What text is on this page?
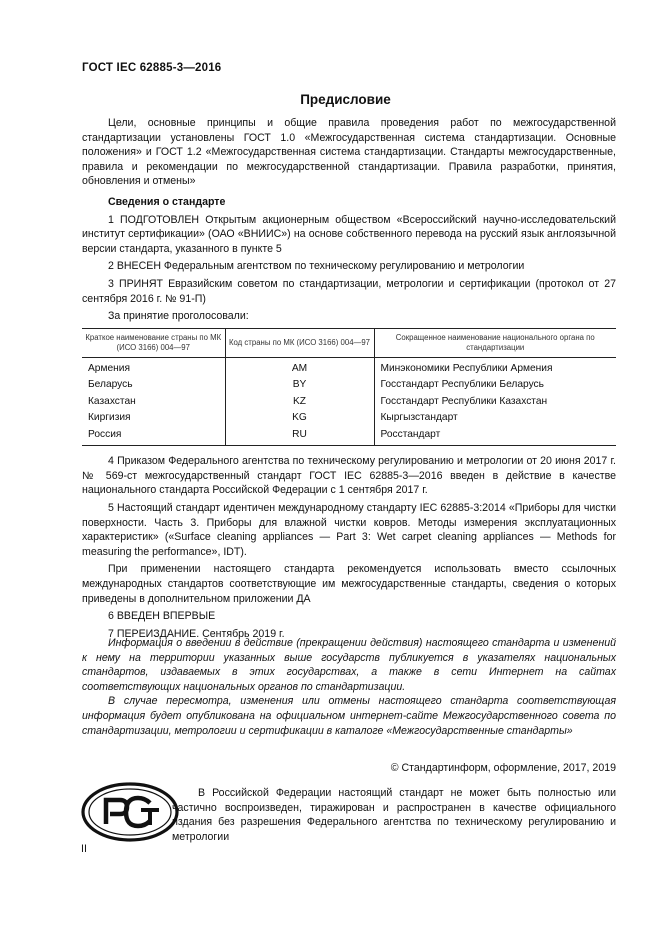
ГОСТ IEC 62885-3—2016
Предисловие

Цели, основные принципы и общие правила проведения работ по межгосударственной стандартизации установлены ГОСТ 1.0 «Межгосударственная система стандартизации. Основные положения» и ГОСТ 1.2 «Межгосударственная система стандартизации. Стандарты межгосударственные, правила и рекомендации по межгосударственной стандартизации. Правила разработки, принятия, обновления и отмены»

Сведения о стандарте

1 ПОДГОТОВЛЕН Открытым акционерным обществом «Всероссийский научно-исследовательский институт сертификации» (ОАО «ВНИИС») на основе собственного перевода на русский язык англоязычной версии стандарта, указанного в пункте 5

2 ВНЕСЕН Федеральным агентством по техническому регулированию и метрологии

3 ПРИНЯТ Евразийским советом по стандартизации, метрологии и сертификации (протокол от 27 сентября 2016 г. № 91-П)

За принятие проголосовали:

Краткое наименование страны по МК (ИСО 3166) 004—97	Код страны по МК (ИСО 3166) 004—97	Сокращенное наименование национального органа по стандартизации
Армения	AM	Минэкономики Республики Армения
Беларусь	BY	Госстандарт Республики Беларусь
Казахстан	KZ	Госстандарт Республики Казахстан
Киргизия	KG	Кыргызстандарт
Россия	RU	Росстандарт

4 Приказом Федерального агентства по техническому регулированию и метрологии от 20 июня 2017 г. № 569-ст межгосударственный стандарт ГОСТ IEC 62885-3—2016 введен в действие в качестве национального стандарта Российской Федерации с 1 сентября 2017 г.

5 Настоящий стандарт идентичен международному стандарту IEC 62885-3:2014 «Приборы для чистки поверхности. Часть 3. Приборы для влажной чистки ковров. Методы измерения эксплуатационных характеристик» («Surface cleaning appliances — Part 3: Wet carpet cleaning appliances — Methods for measuring the performance», IDT).

При применении настоящего стандарта рекомендуется использовать вместо ссылочных международных стандартов соответствующие им межгосударственные стандарты, сведения о которых приведены в дополнительном приложении ДА

6 ВВЕДЕН ВПЕРВЫЕ

7 ПЕРЕИЗДАНИЕ. Сентябрь 2019 г.

Информация о введении в действие (прекращении действия) настоящего стандарта и изменений к нему на территории указанных выше государств публикуется в указателях национальных стандартов, издаваемых в этих государствах, а также в сети Интернет на сайтах соответствующих национальных органов по стандартизации.

В случае пересмотра, изменения или отмены настоящего стандарта соответствующая информация будет опубликована на официальном интернет-сайте Межгосударственного совета по стандартизации, метрологии и сертификации в каталоге «Межгосударственные стандарты»

© Стандартинформ, оформление, 2017, 2019

В Российской Федерации настоящий стандарт не может быть полностью или частично воспроизведен, тиражирован и распространен в качестве официального издания без разрешения Федерального агентства по техническому регулированию и метрологии

II
